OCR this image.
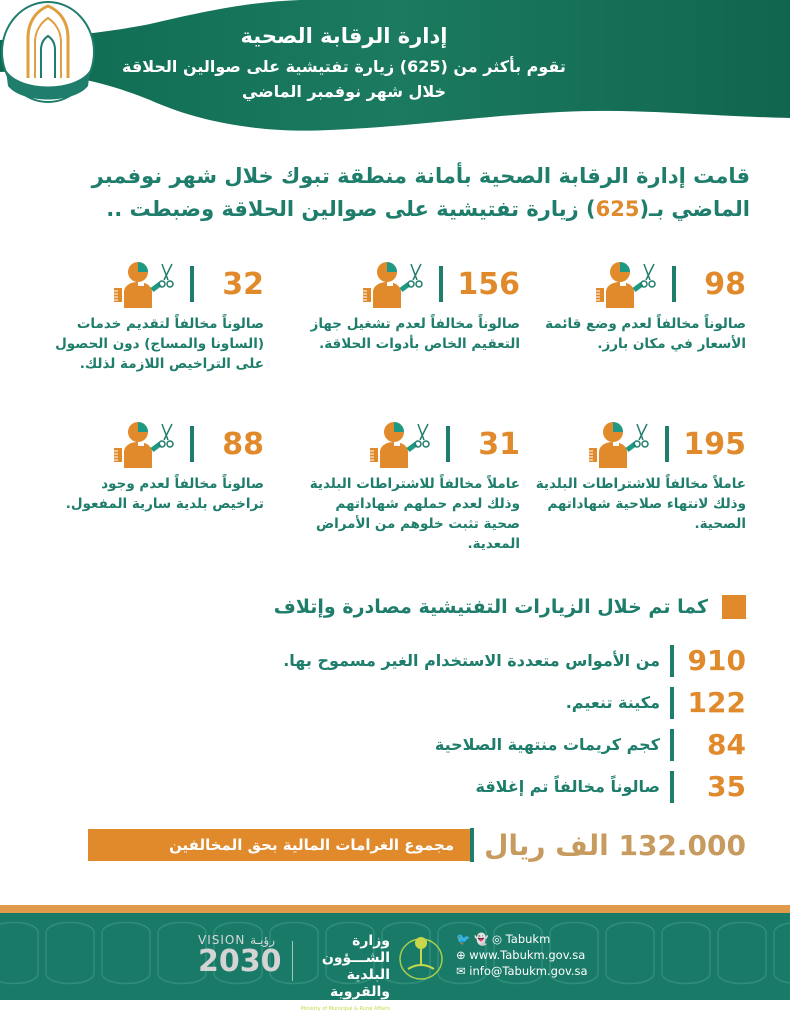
إدارة الرقابة الصحية
تقوم بأكثر من (625) زيارة تفتيشية على صوالين الحلاقة
خلال شهر نوفمبر الماضي
قامت إدارة الرقابة الصحية بأمانة منطقة تبوك خلال شهر نوفمبر
الماضي بـ(625) زيارة تفتيشية على صوالين الحلاقة وضبطت ..
98
صالوناً مخالفاً لعدم وضع قائمة الأسعار في مكان بارز.
156
صالوناً مخالفاً لعدم تشغيل جهاز التعقيم الخاص بأدوات الحلاقة.
32
صالوناً مخالفاً لتقديم خدمات (الساونا والمساج) دون الحصول على التراخيص اللازمة لذلك.
195
عاملاً مخالفاً للاشتراطات البلدية وذلك لانتهاء صلاحية شهاداتهم الصحية.
31
عاملاً مخالفاً للاشتراطات البلدية وذلك لعدم حملهم شهاداتهم صحية تثبت خلوهم من الأمراض المعدية.
88
صالوناً مخالفاً لعدم وجود تراخيص بلدية سارية المفعول.
كما تم خلال الزيارات التفتيشية مصادرة وإتلاف
910
من الأمواس متعددة الاستخدام الغير مسموح بها.
122
مكينة تنعيم.
84
كجم كريمات منتهية الصلاحية
35
صالوناً مخالفاً تم إغلاقة
132.000 الف ريال
مجموع الغرامات المالية بحق المخالفين
🐦 👻 ◎ Tabukm
⊕ www.Tabukm.gov.sa
✉ info@Tabukm.gov.sa
وزارة الشـــؤون
البلدية والقروية
Ministry of Municipal & Rural Affairs
VISION رؤيـة
2030
